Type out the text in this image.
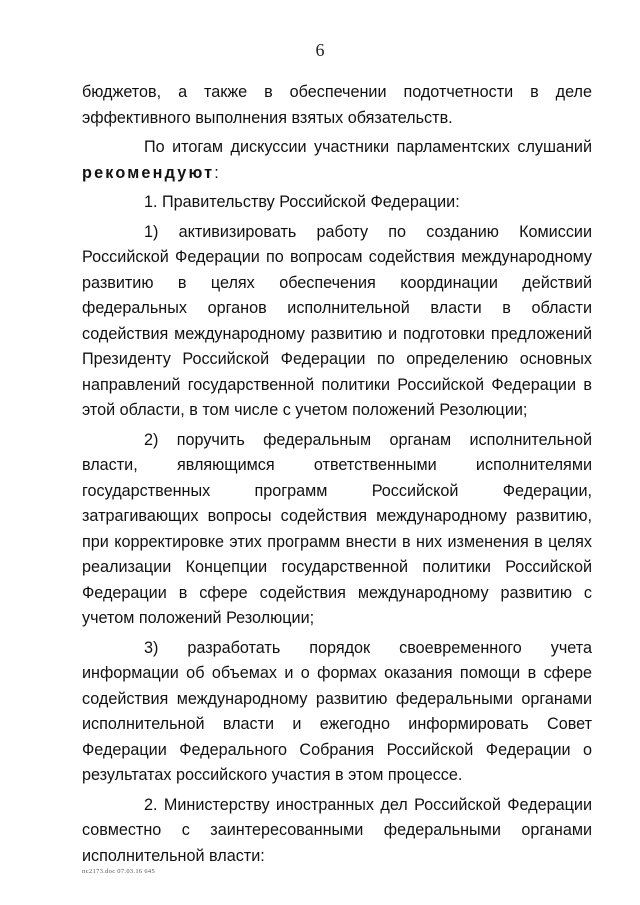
6

бюджетов, а также в обеспечении подотчетности в деле эффективного выполнения взятых обязательств.

По итогам дискуссии участники парламентских слушаний

рекомендуют:

1. Правительству Российской Федерации:

1) активизировать работу по созданию Комиссии Российской Федерации по вопросам содействия международному развитию в целях обеспечения координации действий федеральных органов исполнительной власти в области содействия международному развитию и подготовки предложений Президенту Российской Федерации по определению основных направлений государственной политики Российской Федерации в этой области, в том числе с учетом положений Резолюции;

2) поручить федеральным органам исполнительной власти, являющимся ответственными исполнителями государственных программ Российской Федерации, затрагивающих вопросы содействия международному развитию, при корректировке этих программ внести в них изменения в целях реализации Концепции государственной политики Российской Федерации в сфере содействия международному развитию с учетом положений Резолюции;

3) разработать порядок своевременного учета информации об объемах и о формах оказания помощи в сфере содействия международному развитию федеральными органами исполнительной власти и ежегодно информировать Совет Федерации Федерального Собрания Российской Федерации о результатах российского участия в этом процессе.

2. Министерству иностранных дел Российской Федерации совместно с заинтересованными федеральными органами исполнительной власти:

пс2173.doc 07.03.16 645
